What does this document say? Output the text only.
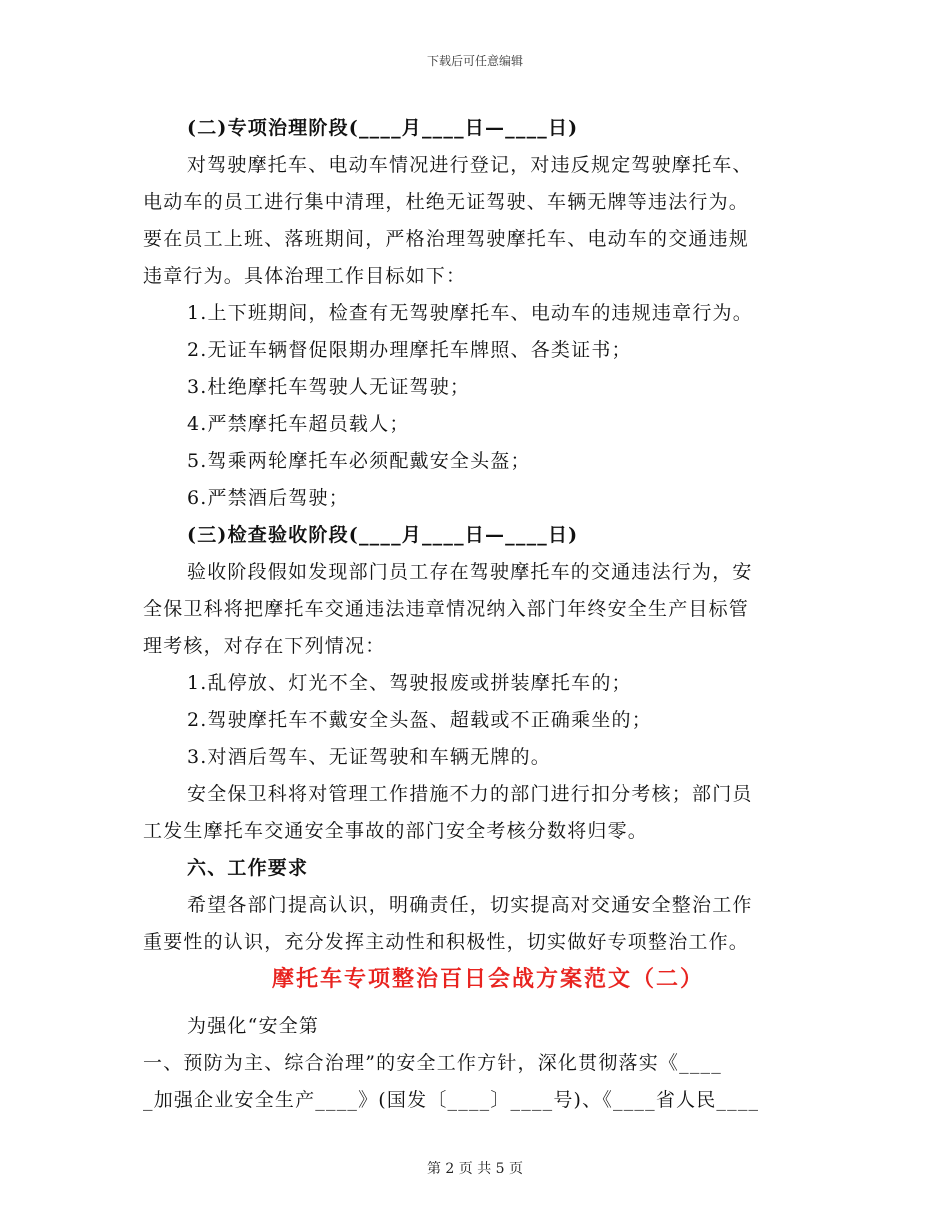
下载后可任意编辑
(二)专项治理阶段(____月____日—____日)
对驾驶摩托车、电动车情况进行登记，对违反规定驾驶摩托车、
电动车的员工进行集中清理，杜绝无证驾驶、车辆无牌等违法行为。
要在员工上班、落班期间，严格治理驾驶摩托车、电动车的交通违规
违章行为。具体治理工作目标如下：
1.上下班期间，检查有无驾驶摩托车、电动车的违规违章行为。
2.无证车辆督促限期办理摩托车牌照、各类证书；
3.杜绝摩托车驾驶人无证驾驶；
4.严禁摩托车超员载人；
5.驾乘两轮摩托车必须配戴安全头盔；
6.严禁酒后驾驶；
(三)检查验收阶段(____月____日—____日)
验收阶段假如发现部门员工存在驾驶摩托车的交通违法行为，安
全保卫科将把摩托车交通违法违章情况纳入部门年终安全生产目标管
理考核，对存在下列情况：
1.乱停放、灯光不全、驾驶报废或拼装摩托车的；
2.驾驶摩托车不戴安全头盔、超载或不正确乘坐的；
3.对酒后驾车、无证驾驶和车辆无牌的。
安全保卫科将对管理工作措施不力的部门进行扣分考核；部门员
工发生摩托车交通安全事故的部门安全考核分数将归零。
六、工作要求
希望各部门提高认识，明确责任，切实提高对交通安全整治工作
重要性的认识，充分发挥主动性和积极性，切实做好专项整治工作。
摩托车专项整治百日会战方案范文（二）
为强化“安全第
一、预防为主、综合治理”的安全工作方针，深化贯彻落实《____
_加强企业安全生产____》(国发〔____〕____号)、《____省人民____
第 2 页 共 5 页
